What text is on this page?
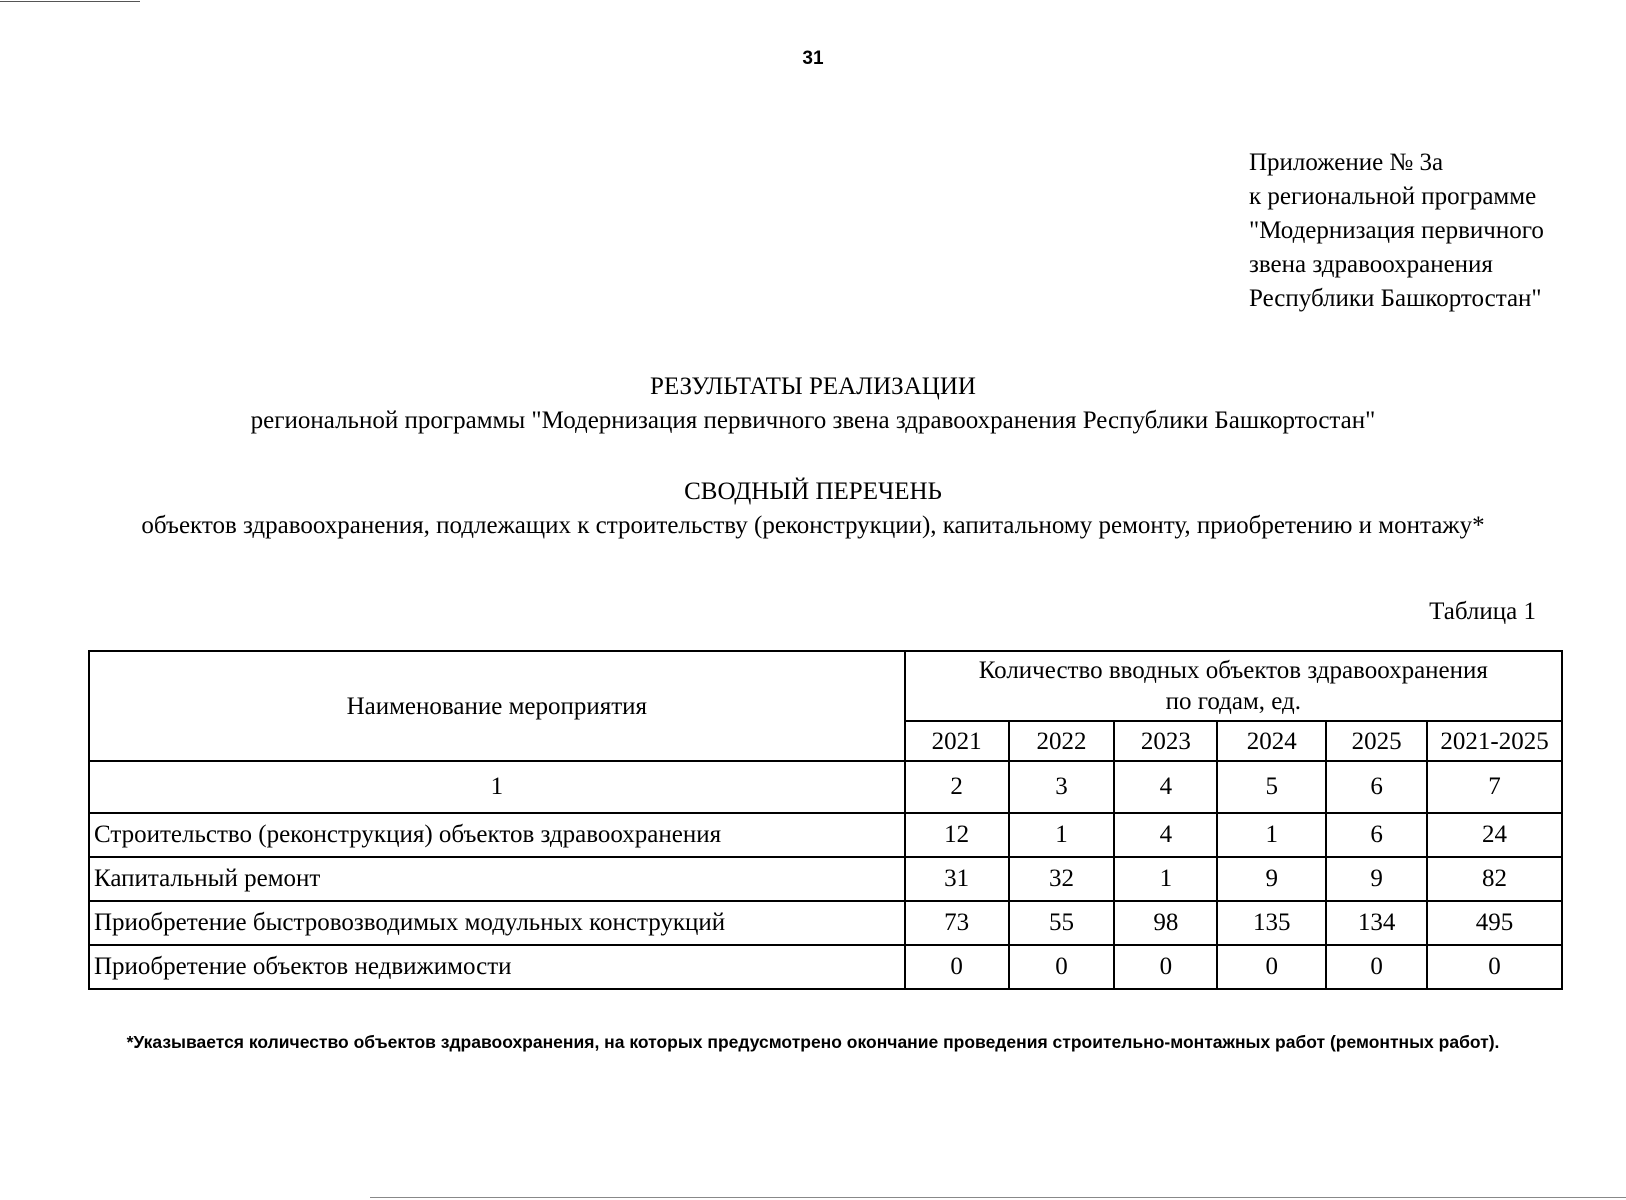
31
Приложение № 3а
к региональной программе
"Модернизация первичного
звена здравоохранения
Республики Башкортостан"
РЕЗУЛЬТАТЫ РЕАЛИЗАЦИИ
региональной программы "Модернизация первичного звена здравоохранения Республики Башкортостан"
СВОДНЫЙ ПЕРЕЧЕНЬ
объектов здравоохранения, подлежащих к строительству (реконструкции), капитальному ремонту, приобретению и монтажу*
Таблица 1
Наименование мероприятия	Количество вводных объектов здравоохранения
по годам, ед.					

	2021	2022	2023	2024	2025	2021-2025
1	2	3	4	5	6	7
Строительство (реконструкция) объектов здравоохранения	12	1	4	1	6	24
Капитальный ремонт	31	32	1	9	9	82
Приобретение быстровозводимых модульных конструкций	73	55	98	135	134	495
Приобретение объектов недвижимости	0	0	0	0	0	0
*Указывается количество объектов здравоохранения, на которых предусмотрено окончание проведения строительно-монтажных работ (ремонтных работ).
